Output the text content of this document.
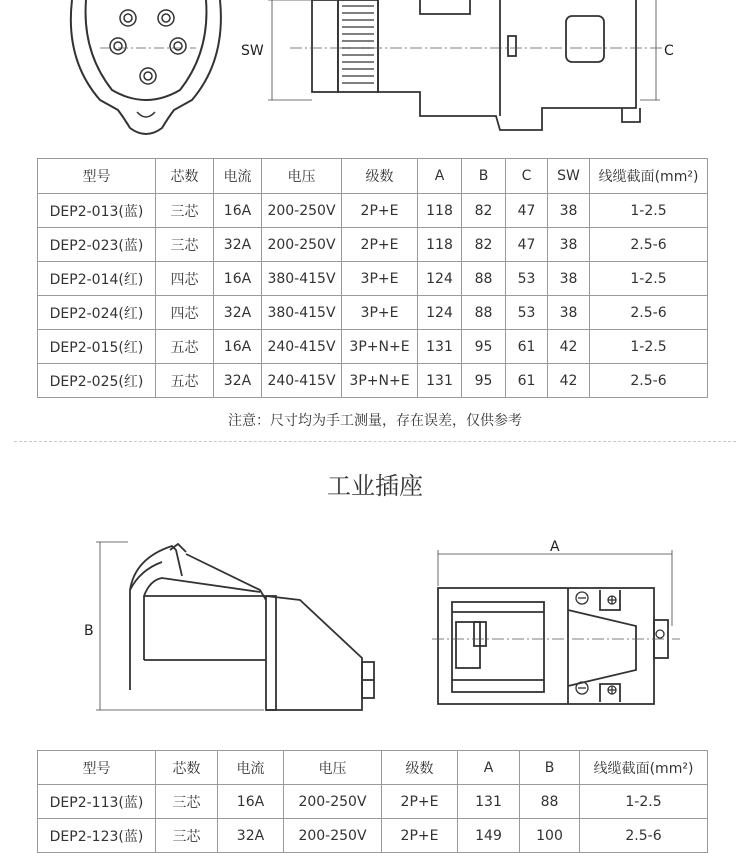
SW	C
型号	芯数	电流	电压	级数	A	B	C	SW	线缆截面(mm²)
DEP2-013(蓝)	三芯	16A	200-250V	2P+E	118	82	47	38	1-2.5
DEP2-023(蓝)	三芯	32A	200-250V	2P+E	118	82	47	38	2.5-6
DEP2-014(红)	四芯	16A	380-415V	3P+E	124	88	53	38	1-2.5
DEP2-024(红)	四芯	32A	380-415V	3P+E	124	88	53	38	2.5-6
DEP2-015(红)	五芯	16A	240-415V	3P+N+E	131	95	61	42	1-2.5
DEP2-025(红)	五芯	32A	240-415V	3P+N+E	131	95	61	42	2.5-6
注意：尺寸均为手工测量，存在误差，仅供参考
工业插座
B
A
型号	芯数	电流	电压	级数	A	B	线缆截面(mm²)
DEP2-113(蓝)	三芯	16A	200-250V	2P+E	131	88	1-2.5
DEP2-123(蓝)	三芯	32A	200-250V	2P+E	149	100	2.5-6
